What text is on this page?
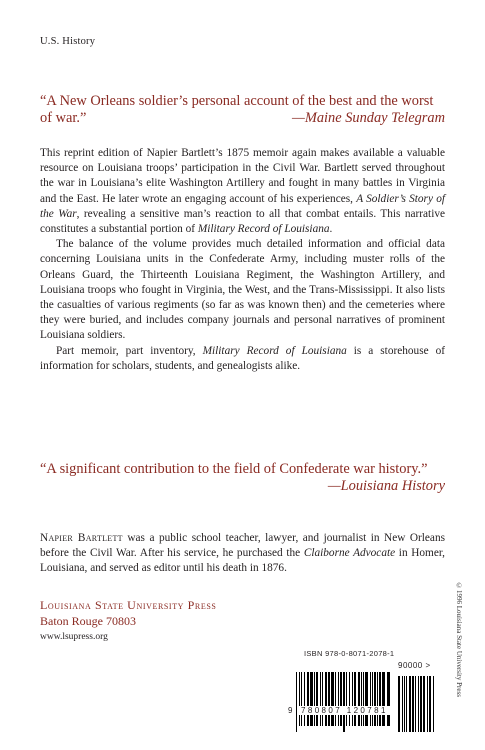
U.S. History
“A New Orleans soldier’s personal account of the best and the worst of war.”	—Maine Sunday Telegram

This reprint edition of Napier Bartlett’s 1875 memoir again makes available a valuable resource on Louisiana troops’ participation in the Civil War. Bartlett served throughout the war in Louisiana’s elite Washington Artillery and fought in many battles in Virginia and the East. He later wrote an engaging account of his experiences, A Soldier’s Story of the War, revealing a sensitive man’s reaction to all that combat entails. This narrative constitutes a substantial portion of Military Record of Louisiana.

The balance of the volume provides much detailed information and official data concerning Louisiana units in the Confederate Army, including muster rolls of the Orleans Guard, the Thirteenth Louisiana Regiment, the Washington Artillery, and Louisiana troops who fought in Virginia, the West, and the Trans-Mississippi. It also lists the casualties of various regiments (so far as was known then) and the cemeteries where they were buried, and includes company journals and personal narratives of prominent Louisiana soldiers.

Part memoir, part inventory, Military Record of Louisiana is a storehouse of information for scholars, students, and genealogists alike.

“A significant contribution to the field of Confederate war history.”
—Louisiana History
Napier Bartlett was a public school teacher, lawyer, and journalist in New Orleans before the Civil War. After his service, he purchased the Claiborne Advocate in Homer, Louisiana, and served as editor until his death in 1876.
Louisiana State University Press
Baton Rouge 70803
www.lsupress.org	©1996 Louisiana State University Press
ISBN 978-0-8071-2078-1
90000 >
9 780807 120781
